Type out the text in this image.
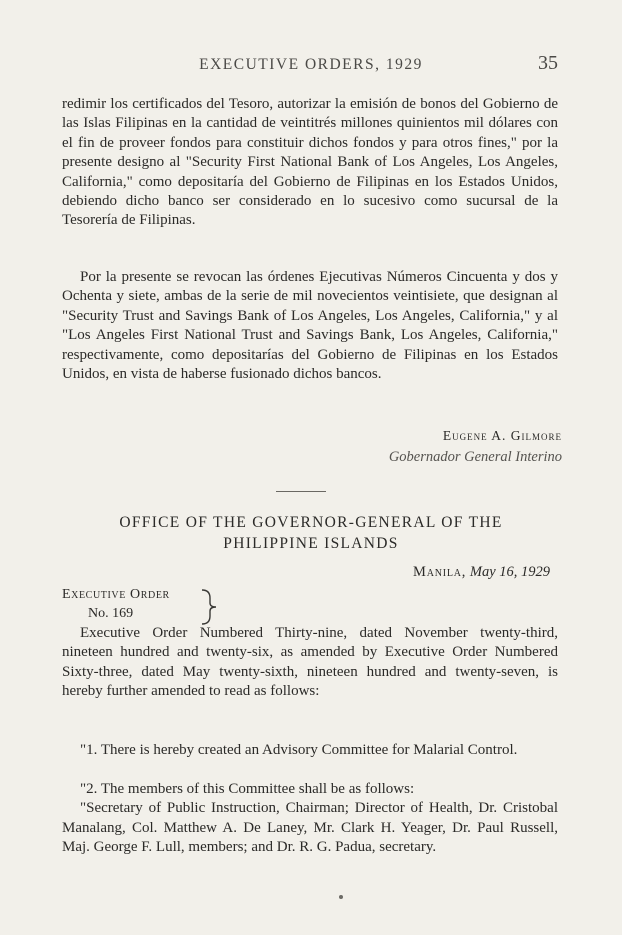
EXECUTIVE ORDERS, 1929	35

redimir los certificados del Tesoro, autorizar la emisión de bonos del Gobierno de las Islas Filipinas en la cantidad de veintitrés millones quinientos mil dólares con el fin de proveer fondos para constituir dichos fondos y para otros fines," por la presente designo al "Security First National Bank of Los Angeles, Los Angeles, California," como depositaría del Gobierno de Filipinas en los Estados Unidos, debiendo dicho banco ser considerado en lo sucesivo como sucursal de la Tesorería de Filipinas.

Por la presente se revocan las órdenes Ejecutivas Números Cincuenta y dos y Ochenta y siete, ambas de la serie de mil novecientos veintisiete, que designan al "Security Trust and Savings Bank of Los Angeles, Los Angeles, California," y al "Los Angeles First National Trust and Savings Bank, Los Angeles, California," respectivamente, como depositarías del Gobierno de Filipinas en los Estados Unidos, en vista de haberse fusionado dichos bancos.

Eugene A. Gilmore
Gobernador General Interino
OFFICE OF THE GOVERNOR-GENERAL OF THE
PHILIPPINE ISLANDS
Manila, May 16, 1929
Executive Order
No. 169

Executive Order Numbered Thirty-nine, dated November twenty-third, nineteen hundred and twenty-six, as amended by Executive Order Numbered Sixty-three, dated May twenty-sixth, nineteen hundred and twenty-seven, is hereby further amended to read as follows:

"1. There is hereby created an Advisory Committee for Malarial Control.

"2. The members of this Committee shall be as follows:

"Secretary of Public Instruction, Chairman; Director of Health, Dr. Cristobal Manalang, Col. Matthew A. De Laney, Mr. Clark H. Yeager, Dr. Paul Russell, Maj. George F. Lull, members; and Dr. R. G. Padua, secretary.
